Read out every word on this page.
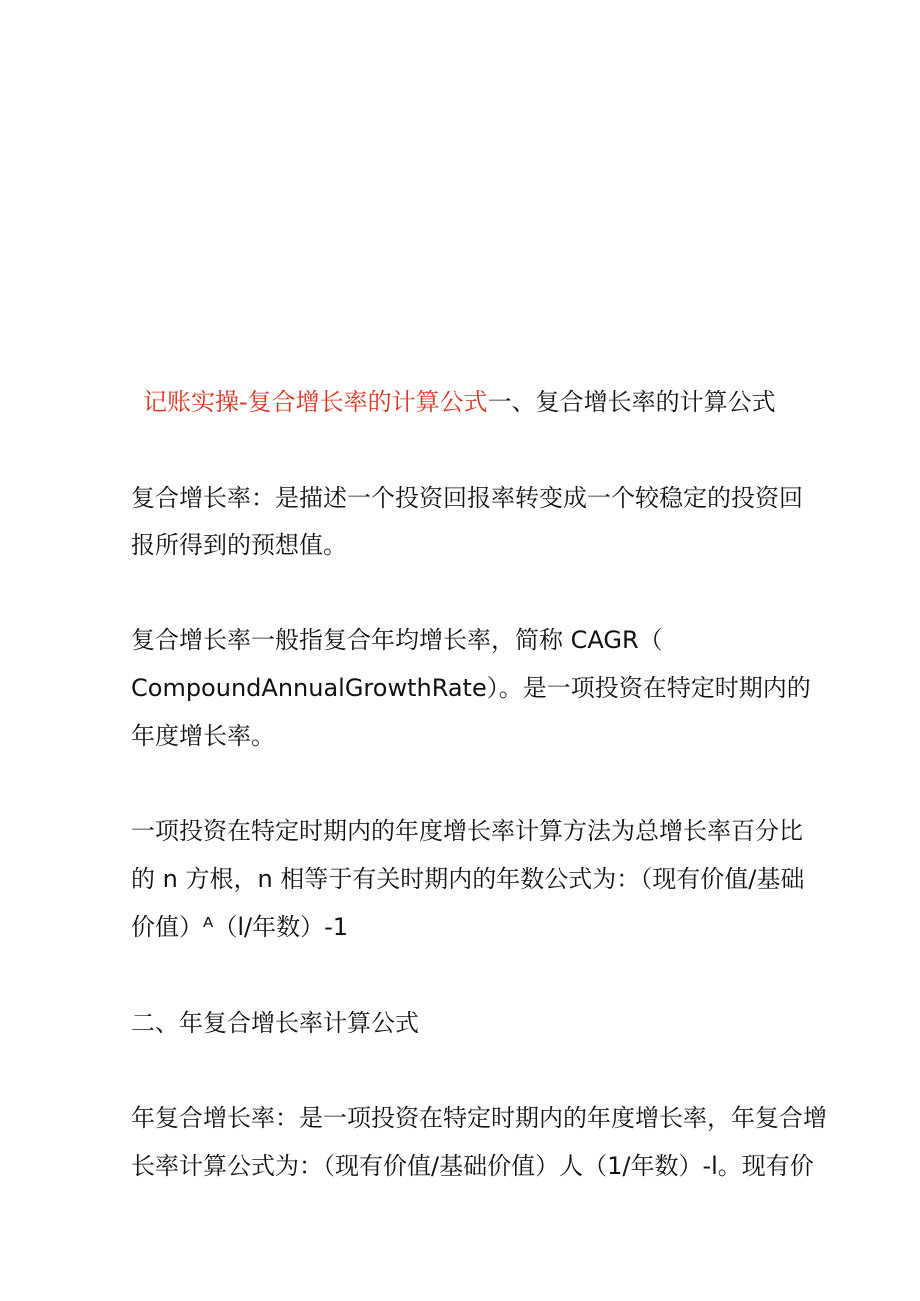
记账实操-复合增长率的计算公式一、复合增长率的计算公式
复合增长率：是描述一个投资回报率转变成一个较稳定的投资回
报所得到的预想值。
复合增长率一般指复合年均增长率，简称 CAGR（
CompoundAnnualGrowthRate）。是一项投资在特定时期内的
年度增长率。
一项投资在特定时期内的年度增长率计算方法为总增长率百分比
的 n 方根，n 相等于有关时期内的年数公式为：（现有价值/基础
价值）ᴬ（l/年数）-1
二、年复合增长率计算公式
年复合增长率：是一项投资在特定时期内的年度增长率，年复合增
长率计算公式为：（现有价值/基础价值）人（1/年数）-l。现有价
